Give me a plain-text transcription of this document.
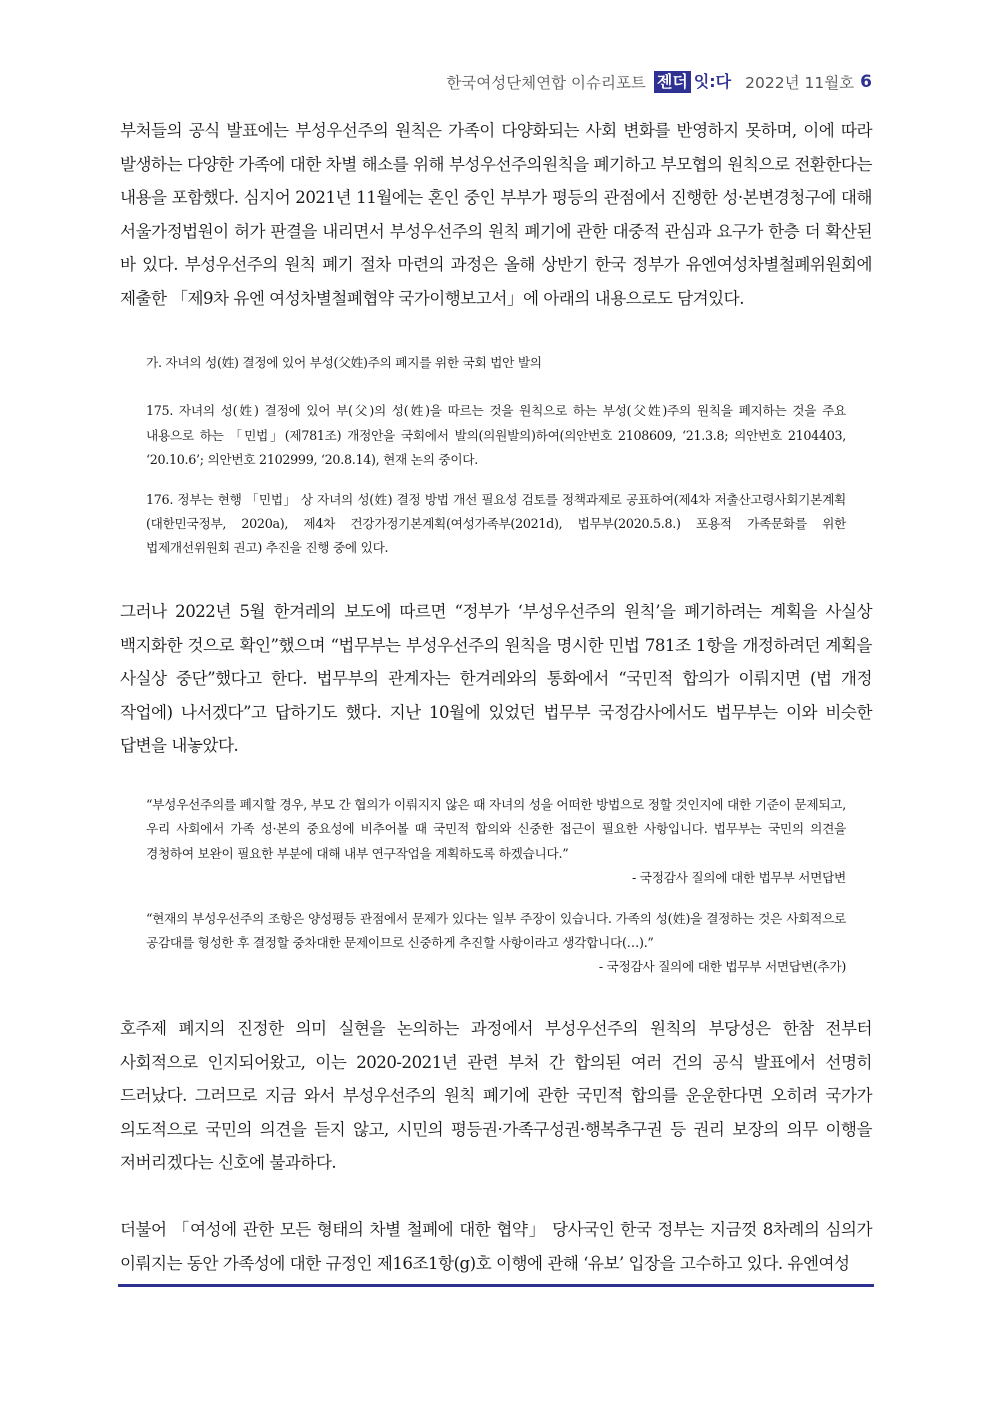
한국여성단체연합 이슈리포트 젠더 잇:다 2022년 11월호 6

부처들의 공식 발표에는 부성우선주의 원칙은 가족이 다양화되는 사회 변화를 반영하지 못하며, 이에 따라 발생하는 다양한 가족에 대한 차별 해소를 위해 부성우선주의원칙을 폐기하고 부모협의 원칙으로 전환한다는 내용을 포함했다. 심지어 2021년 11월에는 혼인 중인 부부가 평등의 관점에서 진행한 성·본변경청구에 대해 서울가정법원이 허가 판결을 내리면서 부성우선주의 원칙 폐기에 관한 대중적 관심과 요구가 한층 더 확산된 바 있다. 부성우선주의 원칙 폐기 절차 마련의 과정은 올해 상반기 한국 정부가 유엔여성차별철폐위원회에 제출한 「제9차 유엔 여성차별철폐협약 국가이행보고서」에 아래의 내용으로도 담겨있다.

가. 자녀의 성(姓) 결정에 있어 부성(父姓)주의 폐지를 위한 국회 법안 발의

175. 자녀의 성(姓) 결정에 있어 부(父)의 성(姓)을 따르는 것을 원칙으로 하는 부성(父姓)주의 원칙을 폐지하는 것을 주요 내용으로 하는 「민법」(제781조) 개정안을 국회에서 발의(의원발의)하여(의안번호 2108609, ‘21.3.8; 의안번호 2104403, ‘20.10.6’; 의안번호 2102999, ‘20.8.14), 현재 논의 중이다.

176. 정부는 현행 「민법」 상 자녀의 성(姓) 결정 방법 개선 필요성 검토를 정책과제로 공표하여(제4차 저출산고령사회기본계획(대한민국정부, 2020a), 제4차 건강가정기본계획(여성가족부(2021d), 법무부(2020.5.8.) 포용적 가족문화를 위한 법제개선위원회 권고) 추진을 진행 중에 있다.

그러나 2022년 5월 한겨레의 보도에 따르면 “정부가 ‘부성우선주의 원칙’을 폐기하려는 계획을 사실상 백지화한 것으로 확인”했으며 “법무부는 부성우선주의 원칙을 명시한 민법 781조 1항을 개정하려던 계획을 사실상 중단”했다고 한다. 법무부의 관계자는 한겨레와의 통화에서 “국민적 합의가 이뤄지면 (법 개정 작업에) 나서겠다”고 답하기도 했다. 지난 10월에 있었던 법무부 국정감사에서도 법무부는 이와 비슷한 답변을 내놓았다.

“부성우선주의를 폐지할 경우, 부모 간 협의가 이뤄지지 않은 때 자녀의 성을 어떠한 방법으로 정할 것인지에 대한 기준이 문제되고, 우리 사회에서 가족 성·본의 중요성에 비추어볼 때 국민적 합의와 신중한 접근이 필요한 사항입니다. 법무부는 국민의 의견을 경청하여 보완이 필요한 부분에 대해 내부 연구작업을 계획하도록 하겠습니다.”

- 국정감사 질의에 대한 법무부 서면답변

“현재의 부성우선주의 조항은 양성평등 관점에서 문제가 있다는 일부 주장이 있습니다. 가족의 성(姓)을 결정하는 것은 사회적으로 공감대를 형성한 후 결정할 중차대한 문제이므로 신중하게 추진할 사항이라고 생각합니다(…).”

- 국정감사 질의에 대한 법무부 서면답변(추가)

호주제 폐지의 진정한 의미 실현을 논의하는 과정에서 부성우선주의 원칙의 부당성은 한참 전부터 사회적으로 인지되어왔고, 이는 2020-2021년 관련 부처 간 합의된 여러 건의 공식 발표에서 선명히 드러났다. 그러므로 지금 와서 부성우선주의 원칙 폐기에 관한 국민적 합의를 운운한다면 오히려 국가가 의도적으로 국민의 의견을 듣지 않고, 시민의 평등권·가족구성권·행복추구권 등 권리 보장의 의무 이행을 저버리겠다는 신호에 불과하다.

더불어 「여성에 관한 모든 형태의 차별 철폐에 대한 협약」 당사국인 한국 정부는 지금껏 8차례의 심의가 이뤄지는 동안 가족성에 대한 규정인 제16조1항(g)호 이행에 관해 ‘유보’ 입장을 고수하고 있다. 유엔여성
